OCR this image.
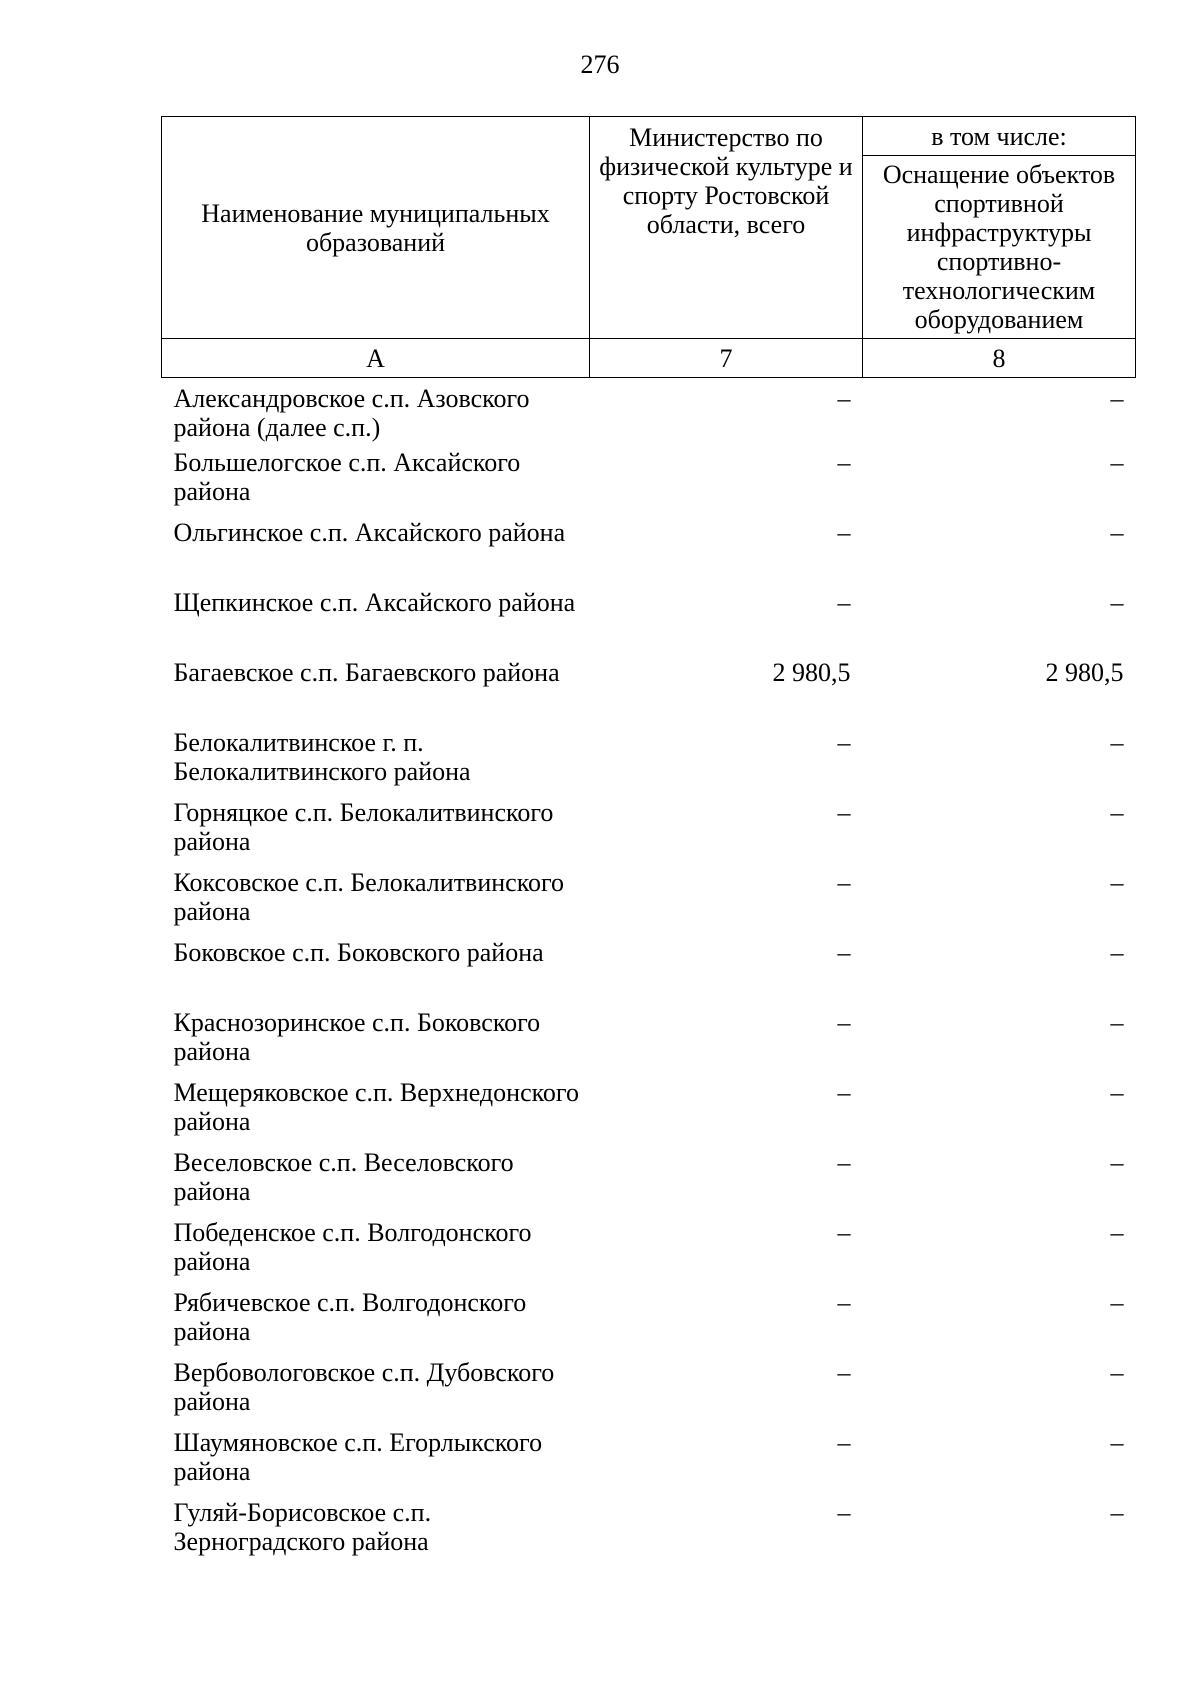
276
Наименование муниципальных образований	Министерство по физической культуре и спорту Ростовской области, всего	в том числе:
		Оснащение объектов спортивной инфраструктуры спортивно-технологическим оборудованием
А	7	8
Александровское с.п. Азовского района (далее с.п.)	–	–
Большелогское с.п. Аксайского района	–	–
Ольгинское с.п. Аксайского района	–	–
Щепкинское с.п. Аксайского района	–	–
Багаевское с.п. Багаевского района	2 980,5	2 980,5
Белокалитвинское г. п. Белокалитвинского района	–	–
Горняцкое с.п. Белокалитвинского района	–	–
Коксовское с.п. Белокалитвинского района	–	–
Боковское с.п. Боковского района	–	–
Краснозоринское с.п. Боковского района	–	–
Мещеряковское с.п. Верхнедонского района	–	–
Веселовское с.п. Веселовского района	–	–
Победенское с.п. Волгодонского района	–	–
Рябичевское с.п. Волгодонского района	–	–
Вербовологовское с.п. Дубовского района	–	–
Шаумяновское с.п. Егорлыкского района	–	–
Гуляй-Борисовское с.п. Зерноградского района	–	–
